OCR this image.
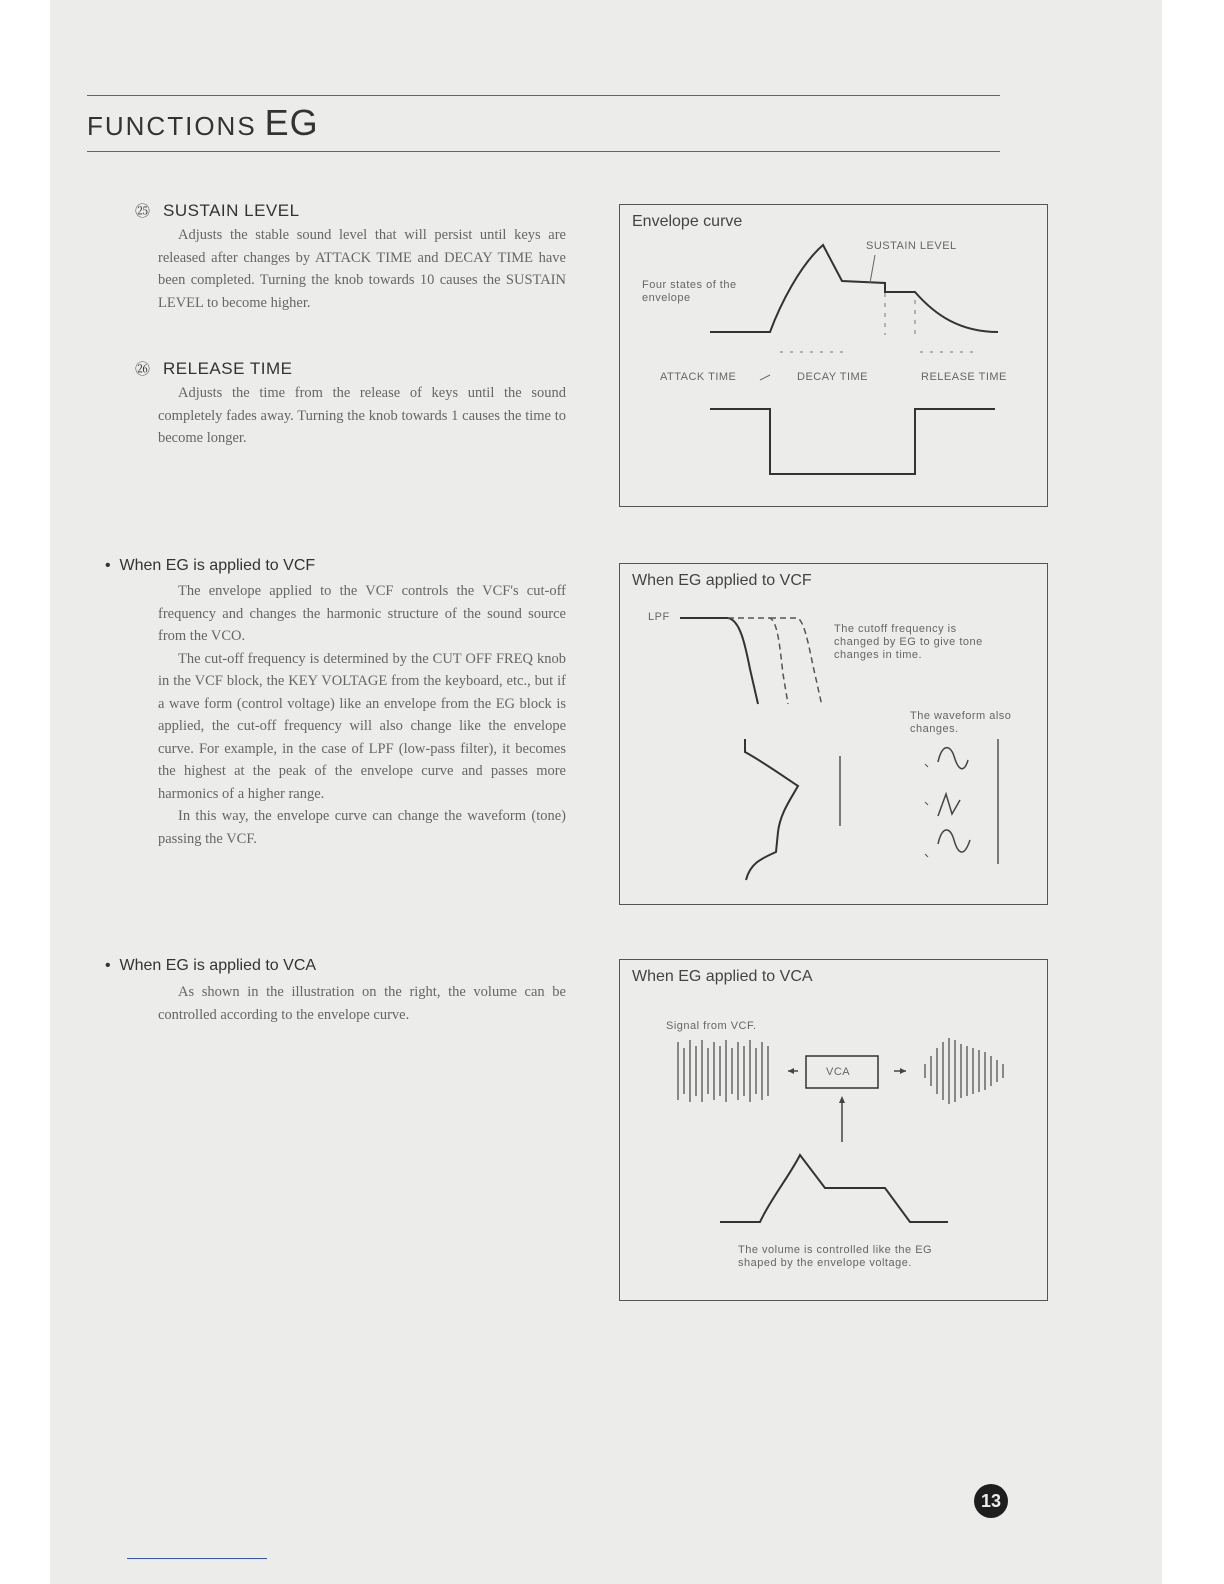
FUNCTIONS EG
㉕ SUSTAIN LEVEL

Adjusts the stable sound level that will persist until keys are released after changes by ATTACK TIME and DECAY TIME have been completed. Turning the knob towards 10 causes the SUSTAIN LEVEL to become higher.

㉖ RELEASE TIME

Adjusts the time from the release of keys until the sound completely fades away. Turning the knob towards 1 causes the time to become longer.

Envelope curve
SUSTAIN LEVEL
Four states of the envelope
ATTACK TIME	DECAY TIME	RELEASE TIME
• When EG is applied to VCF

The envelope applied to the VCF controls the VCF's cut-off frequency and changes the harmonic structure of the sound source from the VCO.

The cut-off frequency is determined by the CUT OFF FREQ knob in the VCF block, the KEY VOLTAGE from the keyboard, etc., but if a wave form (control voltage) like an envelope from the EG block is applied, the cut-off frequency will also change like the envelope curve. For example, in the case of LPF (low-pass filter), it becomes the highest at the peak of the envelope curve and passes more harmonics of a higher range.

In this way, the envelope curve can change the waveform (tone) passing the VCF.

When EG applied to VCF
LPF
The cutoff frequency is changed by EG to give tone changes in time.
The waveform also changes.
• When EG is applied to VCA

As shown in the illustration on the right, the volume can be controlled according to the envelope curve.

When EG applied to VCA
Signal from VCF.
VCA
The volume is controlled like the EG shaped by the envelope voltage.
13
